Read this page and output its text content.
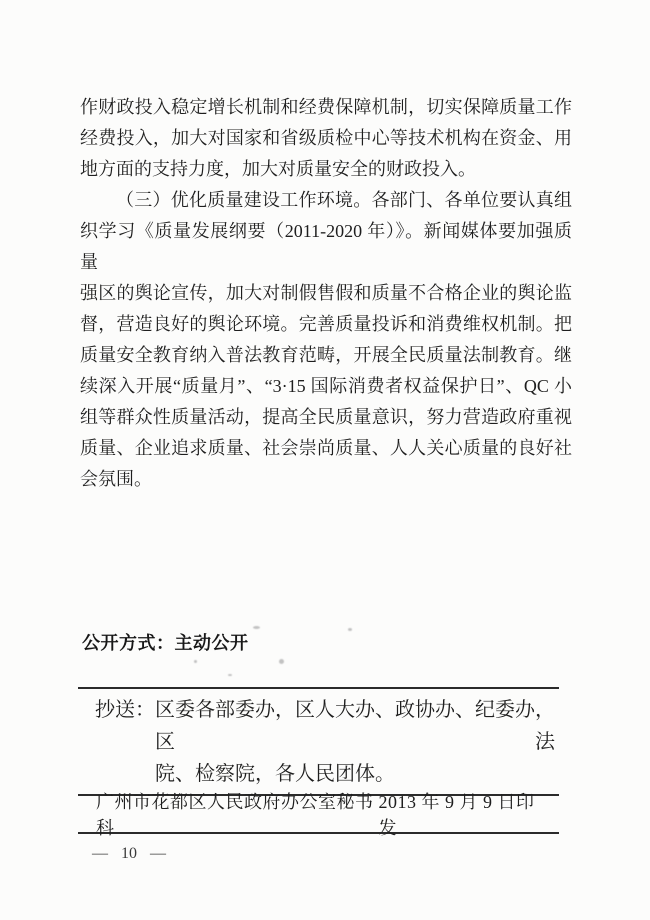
作财政投入稳定增长机制和经费保障机制，切实保障质量工作
经费投入，加大对国家和省级质检中心等技术机构在资金、用
地方面的支持力度，加大对质量安全的财政投入。
（三）优化质量建设工作环境。各部门、各单位要认真组
织学习《质量发展纲要（2011-2020 年）》。新闻媒体要加强质量
强区的舆论宣传，加大对制假售假和质量不合格企业的舆论监
督，营造良好的舆论环境。完善质量投诉和消费维权机制。把
质量安全教育纳入普法教育范畴，开展全民质量法制教育。继
续深入开展“质量月”、“3·15 国际消费者权益保护日”、QC 小
组等群众性质量活动，提高全民质量意识，努力营造政府重视
质量、企业追求质量、社会崇尚质量、人人关心质量的良好社
会氛围。
公开方式：主动公开
抄送： 区委各部委办，区人大办、政协办、纪委办，区法
院、检察院，各人民团体。
广州市花都区人民政府办公室秘书科
2013 年 9 月 9 日印发
— 10 —
